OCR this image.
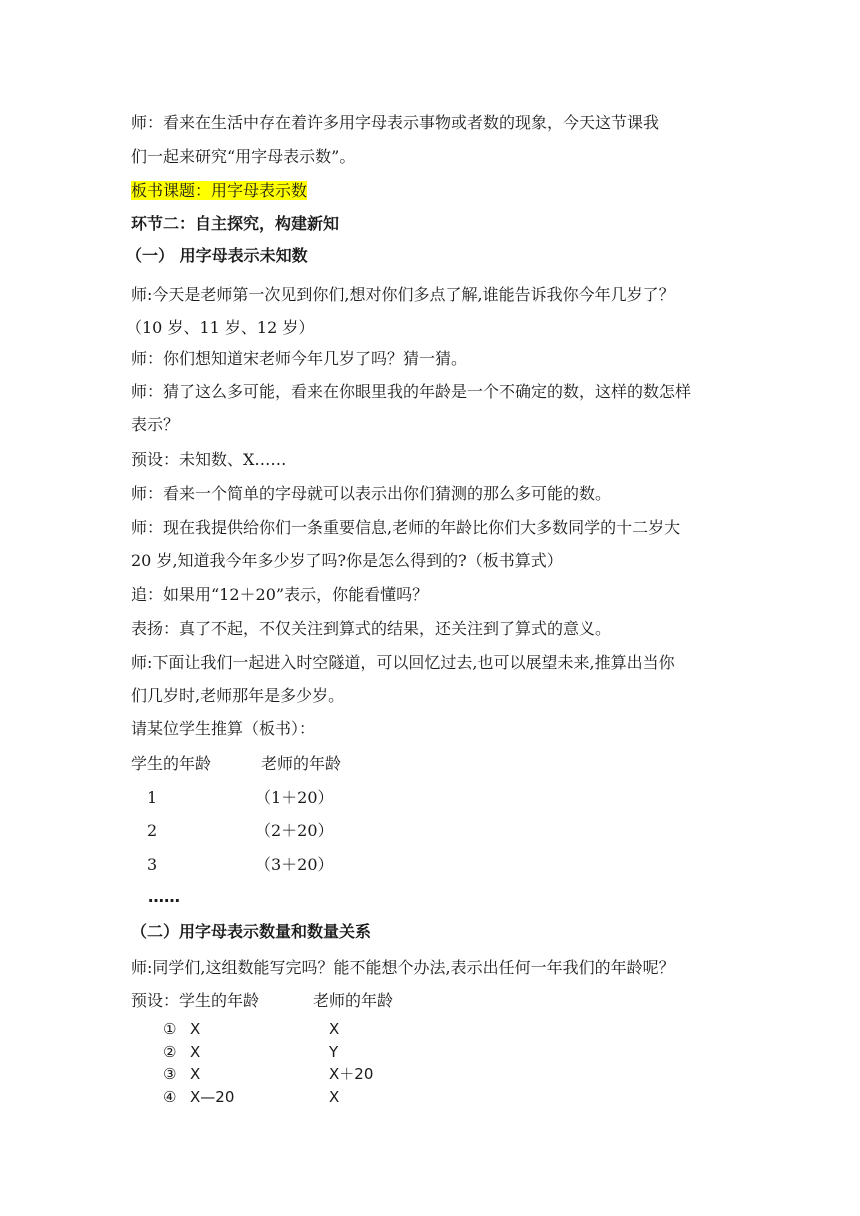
师：看来在生活中存在着许多用字母表示事物或者数的现象，今天这节课我
们一起来研究“用字母表示数”。
板书课题：用字母表示数
环节二：自主探究，构建新知
（一） 用字母表示未知数
师:今天是老师第一次见到你们,想对你们多点了解,谁能告诉我你今年几岁了？
（10 岁、11 岁、12 岁）
师：你们想知道宋老师今年几岁了吗？猜一猜。
师：猜了这么多可能，看来在你眼里我的年龄是一个不确定的数，这样的数怎样
表示？
预设：未知数、X……
师：看来一个简单的字母就可以表示出你们猜测的那么多可能的数。
师：现在我提供给你们一条重要信息,老师的年龄比你们大多数同学的十二岁大
20 岁,知道我今年多少岁了吗?你是怎么得到的?（板书算式）
追：如果用“12＋20”表示，你能看懂吗？
表扬：真了不起，不仅关注到算式的结果，还关注到了算式的意义。
师:下面让我们一起进入时空隧道，可以回忆过去,也可以展望未来,推算出当你
们几岁时,老师那年是多少岁。
请某位学生推算（板书）：
学生的年龄	老师的年龄
1	（1＋20）
2	（2＋20）
3	（3＋20）
……
（二）用字母表示数量和数量关系
师:同学们,这组数能写完吗？能不能想个办法,表示出任何一年我们的年龄呢？
预设：学生的年龄	老师的年龄
① X	X
② X	Y
③ X	X＋20
④ X—20	X
